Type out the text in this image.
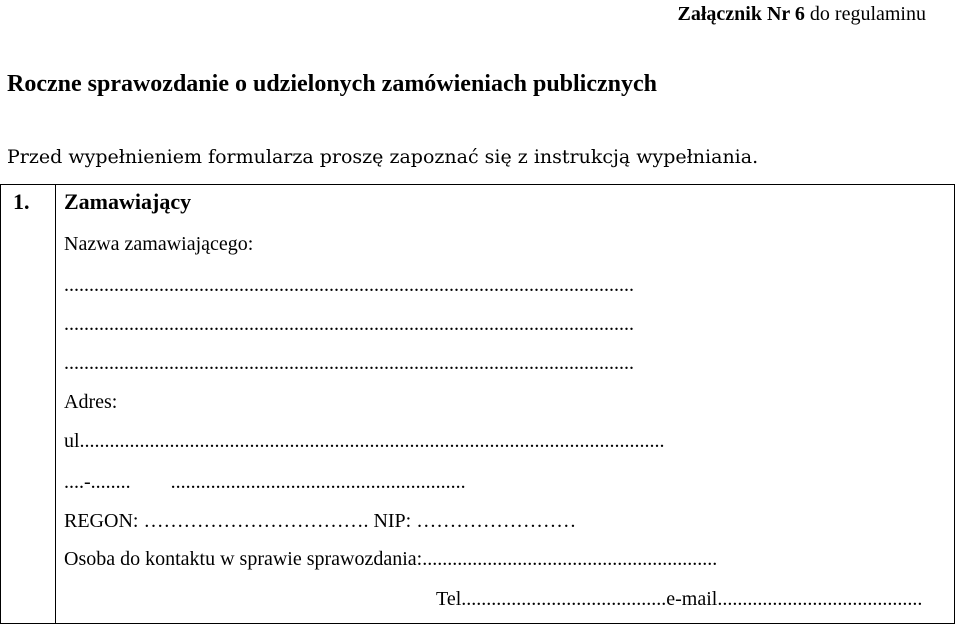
Załącznik Nr 6 do regulaminu
Roczne sprawozdanie o udzielonych zamówieniach publicznych
Przed wypełnieniem formularza proszę zapoznać się z instrukcją wypełniania.
1. Zamawiający
Nazwa zamawiającego:
..................................................................................................................
..................................................................................................................
..................................................................................................................
Adres:
ul.....................................................................................................................
....-........        ...........................................................
REGON: ……………………………. NIP: ……………………
Osoba do kontaktu w sprawie sprawozdania:...........................................................
Tel.........................................e-mail.........................................
